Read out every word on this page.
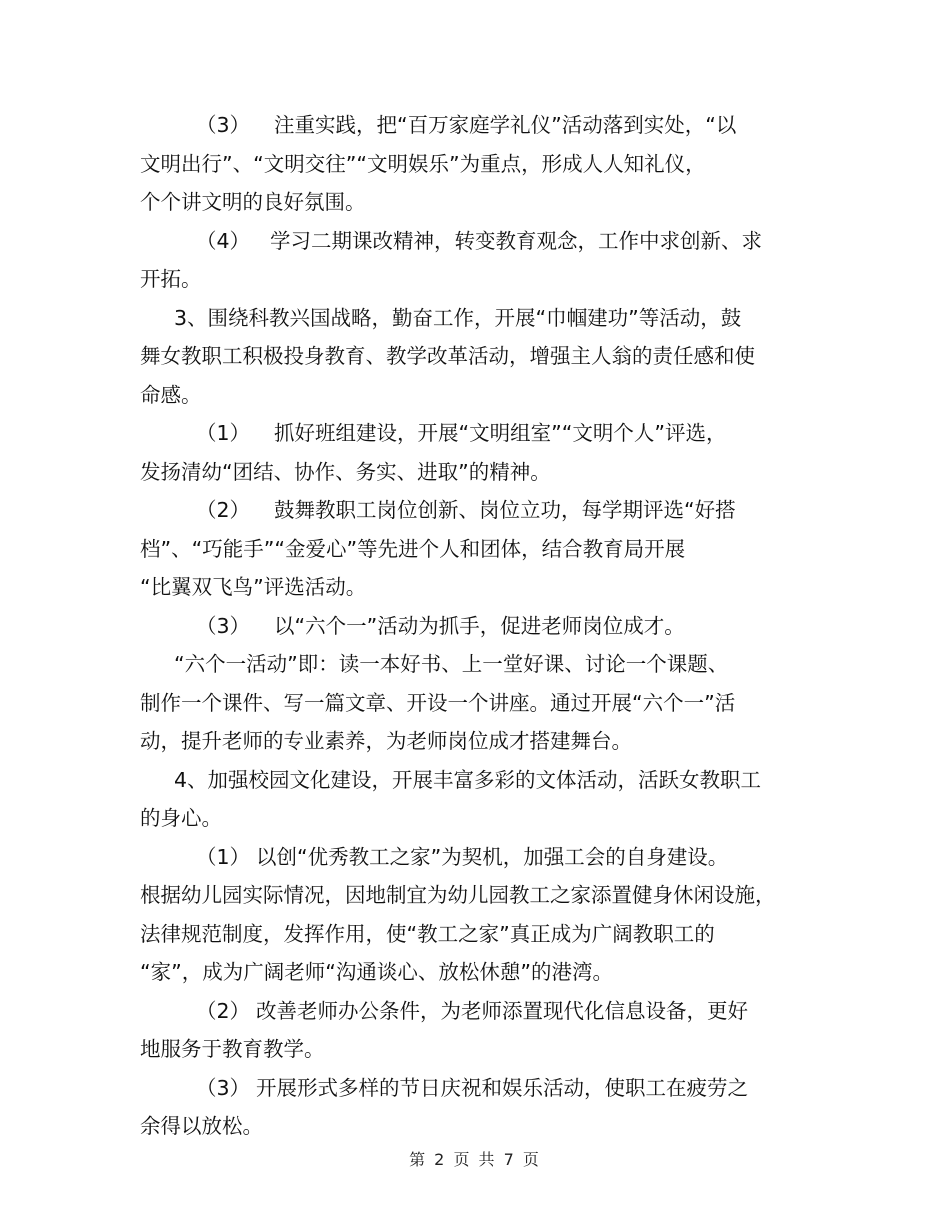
（3） 注重实践，把“百万家庭学礼仪”活动落到实处，“以
文明出行”、“文明交往”“文明娱乐”为重点，形成人人知礼仪，
个个讲文明的良好氛围。
（4） 学习二期课改精神，转变教育观念，工作中求创新、求
开拓。
3、围绕科教兴国战略，勤奋工作，开展“巾帼建功”等活动，鼓
舞女教职工积极投身教育、教学改革活动，增强主人翁的责任感和使
命感。
（1） 抓好班组建设，开展“文明组室”“文明个人”评选，
发扬清幼“团结、协作、务实、进取”的精神。
（2） 鼓舞教职工岗位创新、岗位立功，每学期评选“好搭
档”、“巧能手”“金爱心”等先进个人和团体，结合教育局开展
“比翼双飞鸟”评选活动。
（3） 以“六个一”活动为抓手，促进老师岗位成才。
“六个一活动”即：读一本好书、上一堂好课、讨论一个课题、
制作一个课件、写一篇文章、开设一个讲座。通过开展“六个一”活
动，提升老师的专业素养，为老师岗位成才搭建舞台。
4、加强校园文化建设，开展丰富多彩的文体活动，活跃女教职工
的身心。
（1） 以创“优秀教工之家”为契机，加强工会的自身建设。
根据幼儿园实际情况，因地制宜为幼儿园教工之家添置健身休闲设施，
法律规范制度，发挥作用，使“教工之家”真正成为广阔教职工的
“家”，成为广阔老师“沟通谈心、放松休憩”的港湾。
（2） 改善老师办公条件，为老师添置现代化信息设备，更好
地服务于教育教学。
（3） 开展形式多样的节日庆祝和娱乐活动，使职工在疲劳之
余得以放松。
第 2 页 共 7 页
